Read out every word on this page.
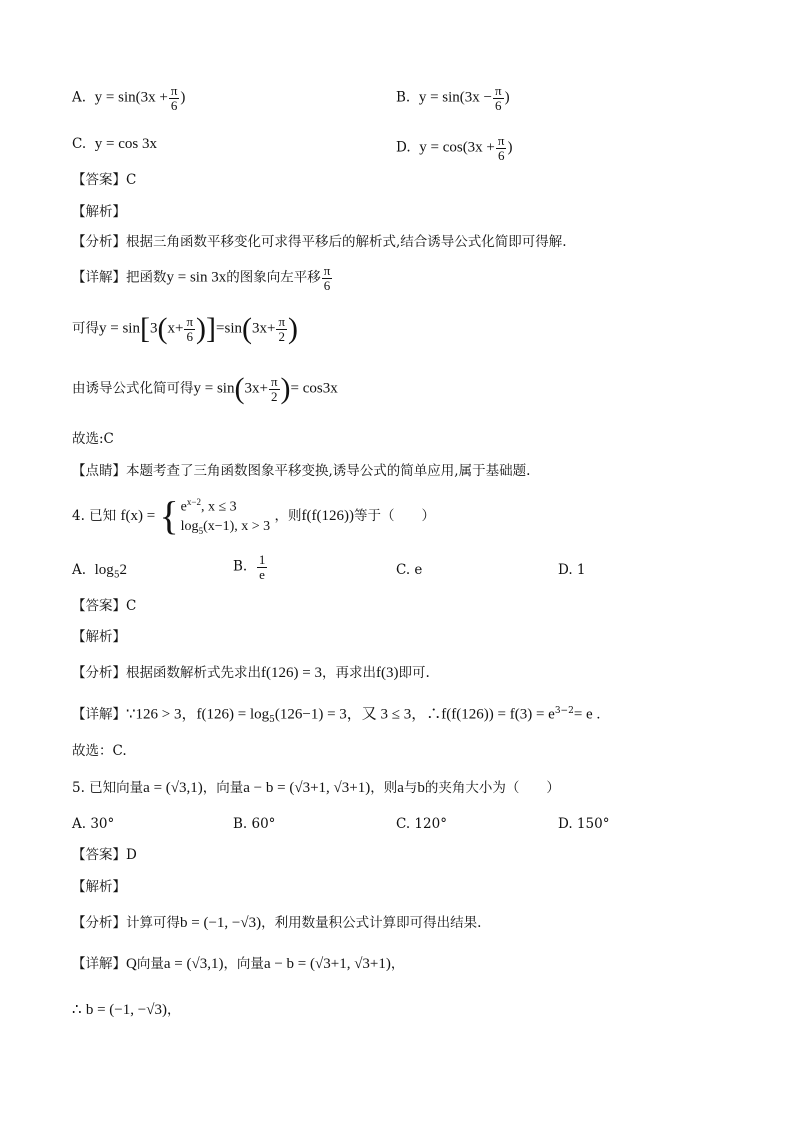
A. $y = \sin(3x + \frac{\pi}{6}$ )	B. $y = \sin(3x - \frac{\pi}{6}$ )
C. y = cos 3x	D. $y = \cos(3x + \frac{\pi}{6}$ )
【答案】C
【解析】
【分析】根据三角函数平移变化可求得平移后的解析式,结合诱导公式化简即可得解.
【详解】把函数y = sin 3x的图象向左平移 $\frac{\pi}{6}$
可得$y = \sin[3(x+ \frac{\pi}{6} )]=\sin(3x+ \frac{\pi}{2}$ )
由诱导公式化简可得$y = \sin(3x+ \frac{\pi}{2}$ )= cos3x
故选:C
【点睛】本题考查了三角函数图象平移变换,诱导公式的简单应用,属于基础题.
4. 已知 f(x) = { $e^{x-2}$, x ≤ 3
$\log_5(x-1)$, x > 3
，则f(f(126))等于（　　）
A. $\log_52$	B. $\frac{1}{e}$	C. e	D. 1
【答案】C
【解析】
【分析】根据函数解析式先求出f(126) = 3，再求出f(3)即可.
【详解】∵126 > 3，$f(126) = \log_5(126-1) = 3$，又 3 ≤ 3，∴f(f(126)) = $f(3) = e^{3-2}= e$ .
故选：C.
5. 已知向量a = (√3,1)，向量a − b = (√3+1, √3+1)，则a与b的夹角大小为（　　）
A. 30°	B. 60°	C. 120°	D. 150°
【答案】D
【解析】
【分析】计算可得b = (−1, −√3)，利用数量积公式计算即可得出结果.
【详解】Q向量a = (√3,1)，向量a − b = (√3+1, √3+1)，
∴ b = (−1, −√3)，
